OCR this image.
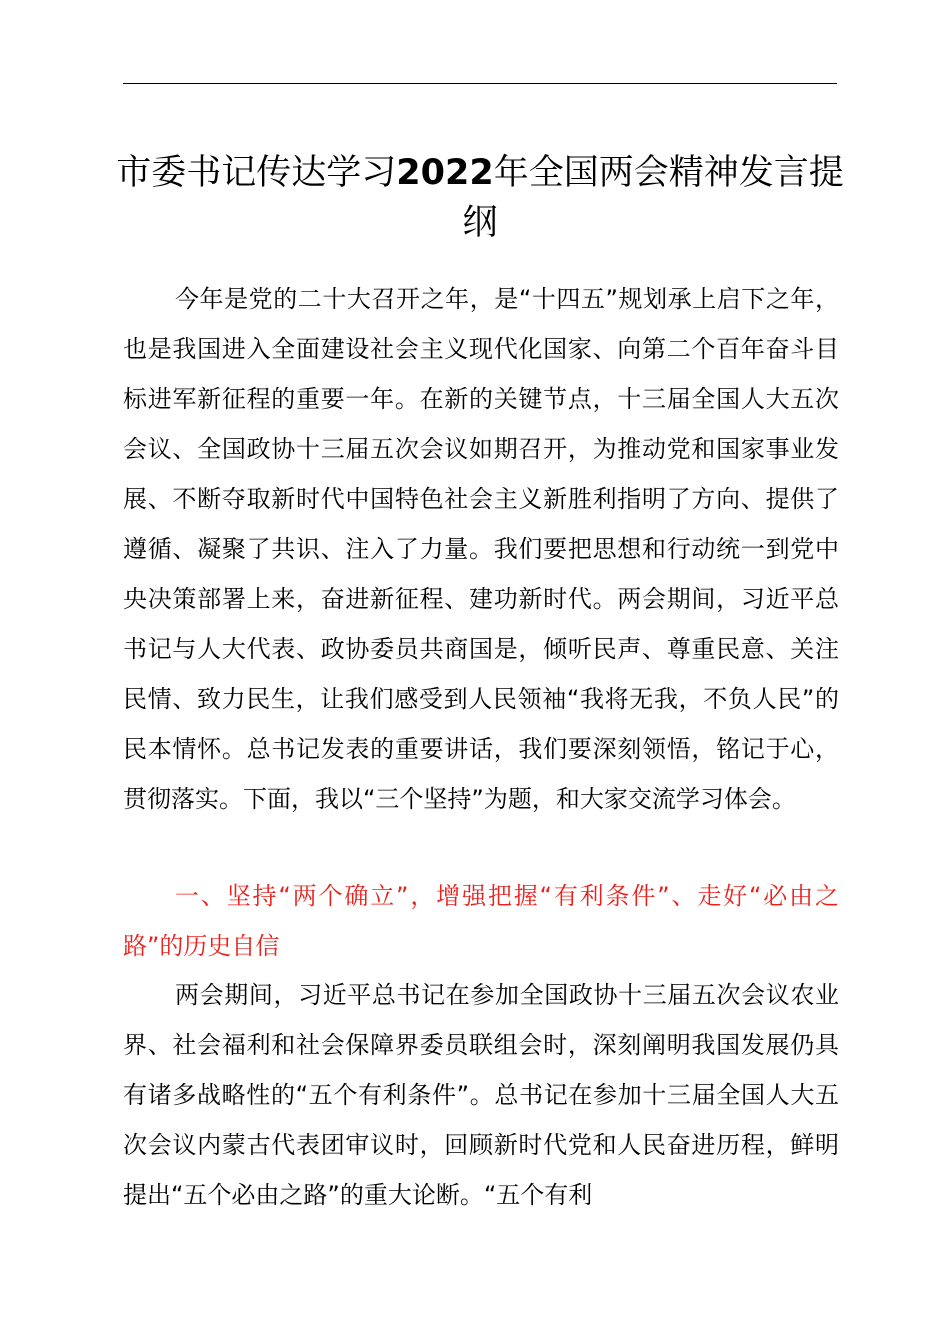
市委书记传达学习2022年全国两会精神发言提纲

今年是党的二十大召开之年，是“十四五”规划承上启下之年，也是我国进入全面建设社会主义现代化国家、向第二个百年奋斗目标进军新征程的重要一年。在新的关键节点，十三届全国人大五次会议、全国政协十三届五次会议如期召开，为推动党和国家事业发展、不断夺取新时代中国特色社会主义新胜利指明了方向、提供了遵循、凝聚了共识、注入了力量。我们要把思想和行动统一到党中央决策部署上来，奋进新征程、建功新时代。两会期间，习近平总书记与人大代表、政协委员共商国是，倾听民声、尊重民意、关注民情、致力民生，让我们感受到人民领袖“我将无我，不负人民”的民本情怀。总书记发表的重要讲话，我们要深刻领悟，铭记于心，贯彻落实。下面，我以“三个坚持”为题，和大家交流学习体会。

一、坚持“两个确立”，增强把握“有利条件”、走好“必由之路”的历史自信

两会期间，习近平总书记在参加全国政协十三届五次会议农业界、社会福利和社会保障界委员联组会时，深刻阐明我国发展仍具有诸多战略性的“五个有利条件”。总书记在参加十三届全国人大五次会议内蒙古代表团审议时，回顾新时代党和人民奋进历程，鲜明提出“五个必由之路”的重大论断。“五个有利
